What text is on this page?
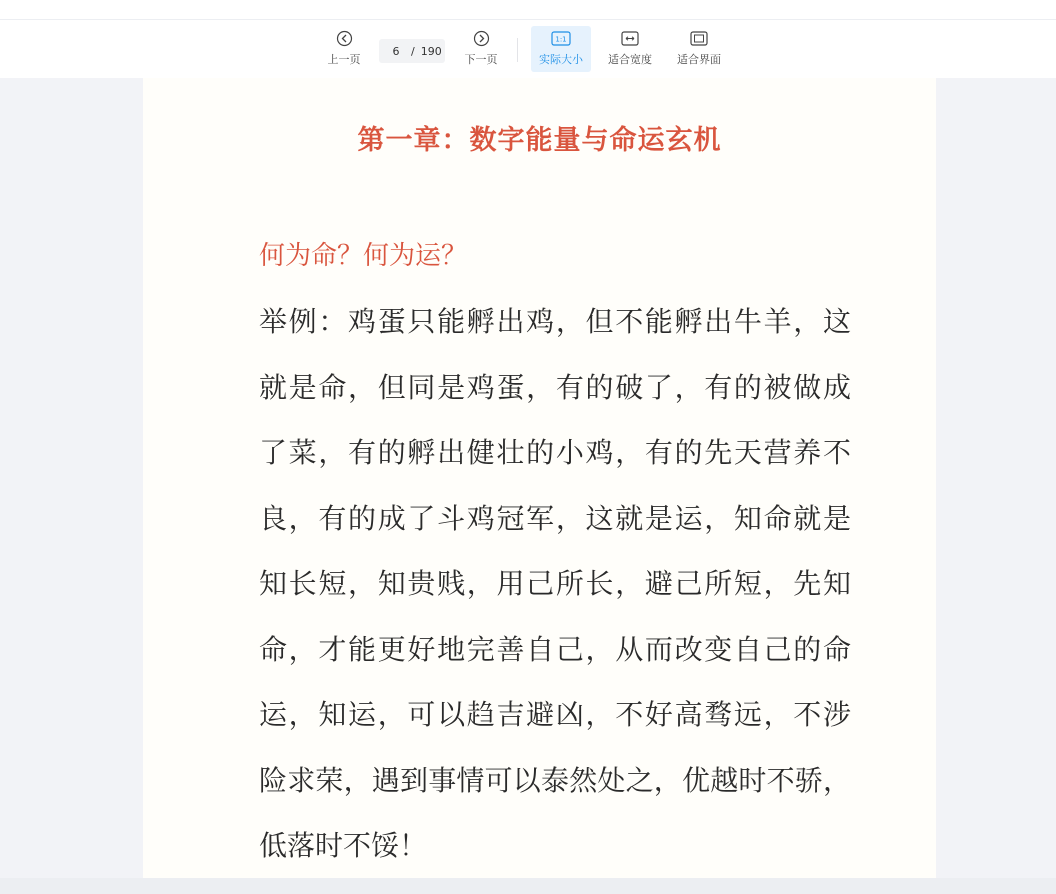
上一页
6
/ 190
下一页
1:1
实际大小 适合宽度 适合界面
第一章：数字能量与命运玄机
何为命？何为运？
举例：鸡蛋只能孵出鸡，但不能孵出牛羊，这
就是命，但同是鸡蛋，有的破了，有的被做成
了菜，有的孵出健壮的小鸡，有的先天营养不
良，有的成了斗鸡冠军，这就是运，知命就是
知长短，知贵贱，用己所长，避己所短，先知
命，才能更好地完善自己，从而改变自己的命
运，知运，可以趋吉避凶，不好高骛远，不涉
险求荣，遇到事情可以泰然处之，优越时不骄，
低落时不馁！
